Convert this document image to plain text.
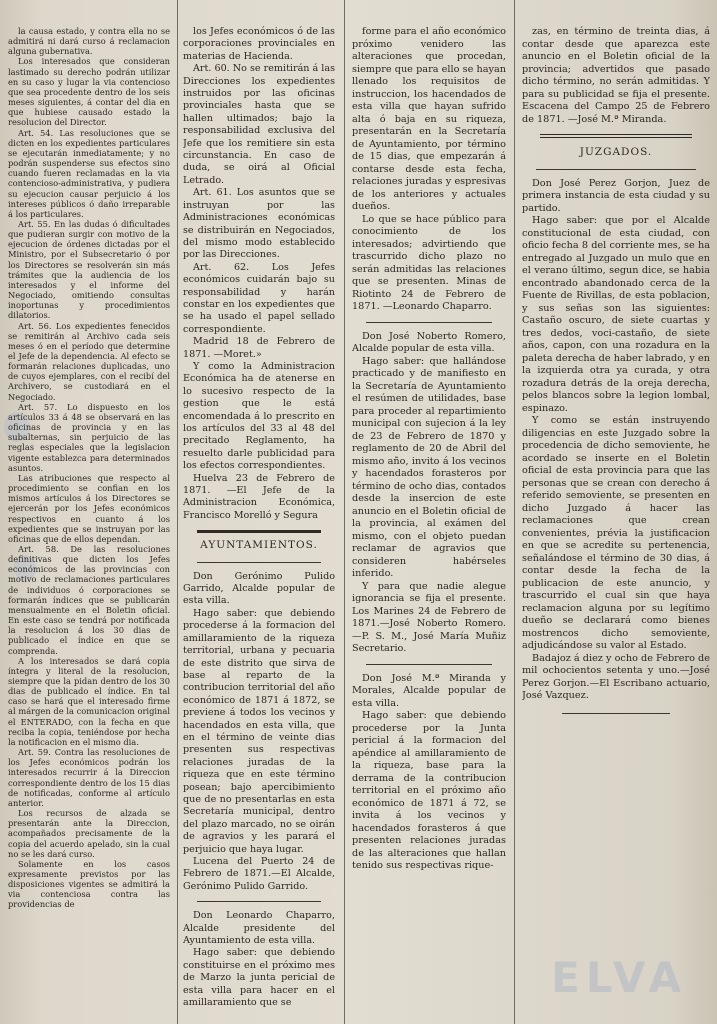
la causa estado, y contra ella no se admitirá ni dará curso á reclamacion alguna gubernativa.

Los interesados que consideran lastimado su derecho podrán utilizar en su caso y lugar la via contencioso que sea procedente dentro de los seis meses siguientes, á contar del dia en que hubiese causado estado la resolucion del Director.

Art. 54. Las resoluciones que se dicten en los expedientes particulares se ejecutarán inmediatamente; y no podrán suspenderse sus efectos sino cuando fueren reclamadas en la via contencioso-administrativa, y pudiera su ejecucion causar perjuicio á los intereses públicos ó daño irreparable á los particulares.

Art. 55. En las dudas ó dificultades que pudieran surgir con motivo de la ejecucion de órdenes dictadas por el Ministro, por el Subsecretario ó por los Directores se resolverán sin más trámites que la audiencia de los interesados y el informe del Negociado, omitiendo consultas inoportunas y procedimientos dilatorios.

Art. 56. Los expedientes fenecidos se remitirán al Archivo cada seis meses ó en el período que determine el Jefe de la dependencia. Al efecto se formarán relaciones duplicadas, uno de cuyos ejemplares, con el recibí del Archivero, se custodiará en el Negociado.

Art. 57. Lo dispuesto en los artículos 33 á 48 se observará en las oficinas de provincia y en las subalternas, sin perjuicio de las reglas especiales que la legislacion vigente establezca para determinados asuntos.

Las atribuciones que respecto al procedimiento se confian en los mismos artículos á los Directores se ejercerán por los Jefes económicos respectivos en cuanto á los expedientes que se instruyan por las oficinas que de ellos dependan.

Art. 58. De las resoluciones definitivas que dicten los Jefes económicos de las provincias con motivo de reclamaciones particulares de individuos ó corporaciones se formarán índices que se publicarán mensualmente en el Boletin oficial. En este caso se tendrá por notificada la resolucion á los 30 dias de publicado el índice en que se comprenda.

A los interesados se dará copia íntegra y literal de la resolucion, siempre que la pidan dentro de los 30 dias de publicado el índice. En tal caso se hará que el interesado firme al márgen de la comunicacion original el ENTERADO, con la fecha en que reciba la copia, teniéndose por hecha la notificacion en el mismo dia.

Art. 59. Contra las resoluciones de los Jefes económicos podrán los interesados recurrir á la Direccion correspondiente dentro de los 15 dias de notificadas, conforme al artículo anterior.

Los recursos de alzada se presentarán ante la Direccion, acompañados precisamente de la copia del acuerdo apelado, sin la cual no se les dará curso.

Solamente en los casos expresamente previstos por las disposiciones vigentes se admitirá la via contenciosa contra las providencias de

los Jefes económicos ó de las corporaciones provinciales en materias de Hacienda.

Art. 60. No se remitirán á las Direcciones los expedientes instruidos por las oficinas provinciales hasta que se hallen ultimados; bajo la responsabilidad exclusiva del Jefe que los remitiere sin esta circunstancia. En caso de duda, se oirá al Oficial Letrado.

Art. 61. Los asuntos que se instruyan por las Administraciones económicas se distribuirán en Negociados, del mismo modo establecido por las Direcciones.

Art. 62. Los Jefes económicos cuidarán bajo su responsabilidad y harán constar en los expedientes que se ha usado el papel sellado correspondiente.

Madrid 18 de Febrero de 1871. —Moret.»

Y como la Administracion Económica ha de atenerse en lo sucesivo respecto de la gestion que le está encomendada á lo prescrito en los artículos del 33 al 48 del precitado Reglamento, ha resuelto darle publicidad para los efectos correspondientes.

Huelva 23 de Febrero de 1871. —El Jefe de la Administracion Económica, Francisco Morelló y Segura

AYUNTAMIENTOS.

Don Gerónimo Pulido Garrido, Alcalde popular de esta villa.

Hago saber: que debiendo procederse á la formacion del amillaramiento de la riqueza territorial, urbana y pecuaria de este distrito que sirva de base al reparto de la contribucion territorial del año económico de 1871 á 1872, se previene á todos los vecinos y hacendados en esta villa, que en el término de veinte dias presenten sus respectivas relaciones juradas de la riqueza que en este término posean; bajo apercibimiento que de no presentarlas en esta Secretaría municipal, dentro del plazo marcado, no se oirán de agravios y les parará el perjuicio que haya lugar.

Lucena del Puerto 24 de Febrero de 1871.—El Alcalde, Gerónimo Pulido Garrido.

Don Leonardo Chaparro, Alcalde presidente del Ayuntamiento de esta villa.

Hago saber: que debiendo constituirse en el próximo mes de Marzo la junta pericial de esta villa para hacer en el amillaramiento que se

forme para el año económico próximo venidero las alteraciones que procedan, siempre que para ello se hayan llenado los requisitos de instruccion, los hacendados de esta villa que hayan sufrido alta ó baja en su riqueza, presentarán en la Secretaría de Ayuntamiento, por término de 15 dias, que empezarán á contarse desde esta fecha, relaciones juradas y espresivas de los anteriores y actuales dueños.

Lo que se hace público para conocimiento de los interesados; advirtiendo que trascurrido dicho plazo no serán admitidas las relaciones que se presenten. Minas de Riotinto 24 de Febrero de 1871. —Leonardo Chaparro.

Don José Noberto Romero, Alcalde popular de esta villa.

Hago saber: que hallándose practicado y de manifiesto en la Secretaría de Ayuntamiento el resúmen de utilidades, base para proceder al repartimiento municipal con sujecion á la ley de 23 de Febrero de 1870 y reglamento de 20 de Abril del mismo año, invito á los vecinos y hacendados forasteros por término de ocho dias, contados desde la insercion de este anuncio en el Boletin oficial de la provincia, al exámen del mismo, con el objeto puedan reclamar de agravios que consideren habérseles inferido.

Y para que nadie alegue ignorancia se fija el presente. Los Marines 24 de Febrero de 1871.—José Noberto Romero.—P. S. M., José María Muñiz Secretario.

Don José M.ª Miranda y Morales, Alcalde popular de esta villa.

Hago saber: que debiendo procederse por la Junta pericial á la formacion del apéndice al amillaramiento de la riqueza, base para la derrama de la contribucion territorial en el próximo año económico de 1871 á 72, se invita á los vecinos y hacendados forasteros á que presenten relaciones juradas de las alteraciones que hallan tenido sus respectivas rique-

zas, en término de treinta dias, á contar desde que aparezca este anuncio en el Boletin oficial de la provincia; advertidos que pasado dicho término, no serán admitidas. Y para su publicidad se fija el presente. Escacena del Campo 25 de Febrero de 1871. —José M.ª Miranda.

JUZGADOS.

Don José Perez Gorjon, Juez de primera instancia de esta ciudad y su partido.

Hago saber: que por el Alcalde constitucional de esta ciudad, con oficio fecha 8 del corriente mes, se ha entregado al Juzgado un mulo que en el verano último, segun dice, se habia encontrado abandonado cerca de la Fuente de Rivillas, de esta poblacion, y sus señas son las siguientes: Castaño oscuro, de siete cuartas y tres dedos, voci-castaño, de siete años, capon, con una rozadura en la paleta derecha de haber labrado, y en la izquierda otra ya curada, y otra rozadura detrás de la oreja derecha, pelos blancos sobre la legion lombal, espinazo.

Y como se están instruyendo diligencias en este Juzgado sobre la procedencia de dicho semoviente, he acordado se inserte en el Boletin oficial de esta provincia para que las personas que se crean con derecho á referido semoviente, se presenten en dicho Juzgado á hacer las reclamaciones que crean convenientes, prévia la justificacion en que se acredite su pertenencia, señalándose el término de 30 dias, á contar desde la fecha de la publicacion de este anuncio, y trascurrido el cual sin que haya reclamacion alguna por su legítimo dueño se declarará como bienes mostrencos dicho semoviente, adjudicándose su valor al Estado.

Badajoz á diez y ocho de Febrero de mil ochocientos setenta y uno.—José Perez Gorjon.—El Escribano actuario, José Vazquez.

ELVA
